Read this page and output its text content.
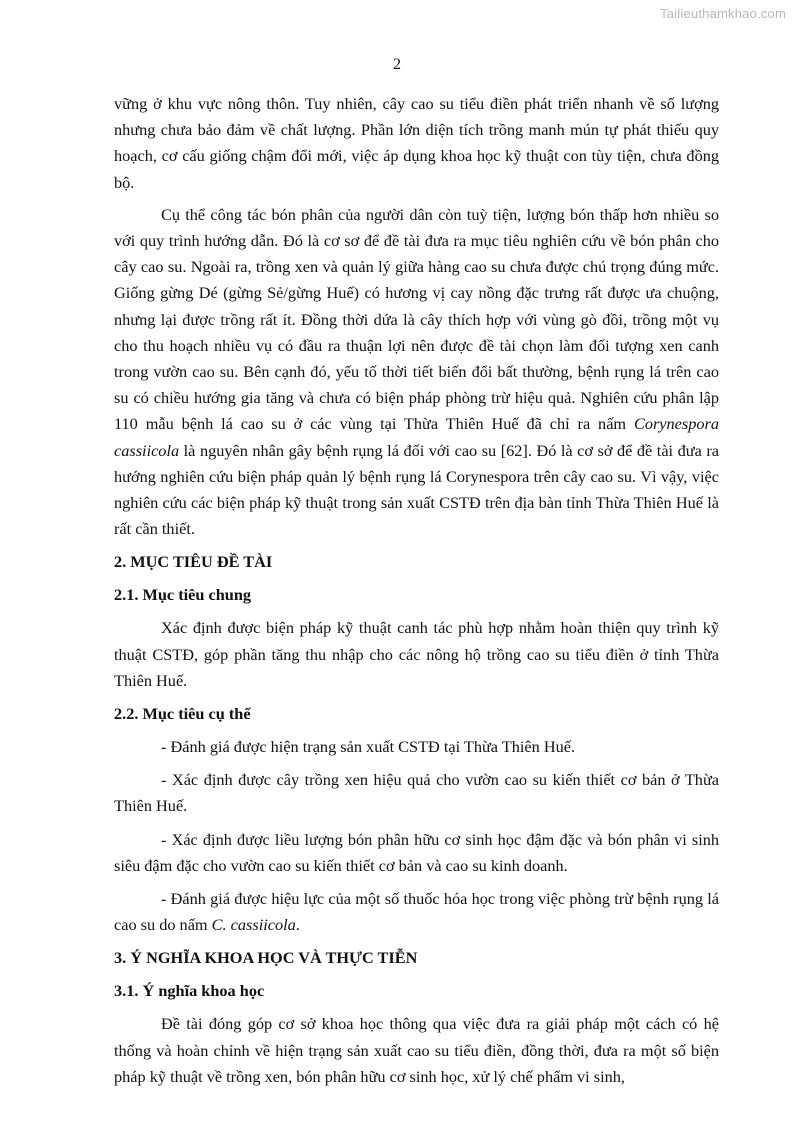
Tailieuthamkhao.com
2

vững ở khu vực nông thôn. Tuy nhiên, cây cao su tiểu điền phát triển nhanh về số lượng nhưng chưa bảo đảm về chất lượng. Phần lớn diện tích trồng manh mún tự phát thiếu quy hoạch, cơ cấu giống chậm đổi mới, việc áp dụng khoa học kỹ thuật con tùy tiện, chưa đồng bộ.

Cụ thể công tác bón phân của người dân còn tuỳ tiện, lượng bón thấp hơn nhiều so với quy trình hướng dẫn. Đó là cơ sơ để đề tài đưa ra mục tiêu nghiên cứu về bón phân cho cây cao su. Ngoài ra, trồng xen và quản lý giữa hàng cao su chưa được chú trọng đúng mức. Giống gừng Dé (gừng Sẻ/gừng Huế) có hương vị cay nồng đặc trưng rất được ưa chuộng, nhưng lại được trồng rất ít. Đồng thời dứa là cây thích hợp với vùng gò đồi, trồng một vụ cho thu hoạch nhiều vụ có đầu ra thuận lợi nên được đề tài chọn làm đối tượng xen canh trong vườn cao su. Bên cạnh đó, yếu tố thời tiết biến đổi bất thường, bệnh rụng lá trên cao su có chiều hướng gia tăng và chưa có biện pháp phòng trừ hiệu quả. Nghiên cứu phân lập 110 mẫu bệnh lá cao su ở các vùng tại Thừa Thiên Huế đã chỉ ra nấm Corynespora cassiicola là nguyên nhân gây bệnh rụng lá đối với cao su [62]. Đó là cơ sở để đề tài đưa ra hướng nghiên cứu biện pháp quản lý bệnh rụng lá Corynespora trên cây cao su. Vì vậy, việc nghiên cứu các biện pháp kỹ thuật trong sản xuất CSTĐ trên địa bàn tỉnh Thừa Thiên Huế là rất cần thiết.

2. MỤC TIÊU ĐỀ TÀI
2.1. Mục tiêu chung

Xác định được biện pháp kỹ thuật canh tác phù hợp nhằm hoàn thiện quy trình kỹ thuật CSTĐ, góp phần tăng thu nhập cho các nông hộ trồng cao su tiểu điền ở tỉnh Thừa Thiên Huế.

2.2. Mục tiêu cụ thể

- Đánh giá được hiện trạng sản xuất CSTĐ tại Thừa Thiên Huế.

- Xác định được cây trồng xen hiệu quả cho vườn cao su kiến thiết cơ bản ở Thừa Thiên Huế.

- Xác định được liều lượng bón phân hữu cơ sinh học đậm đặc và bón phân vi sinh siêu đậm đặc cho vườn cao su kiến thiết cơ bản và cao su kinh doanh.

- Đánh giá được hiệu lực của một số thuốc hóa học trong việc phòng trừ bệnh rụng lá cao su do nấm C. cassiicola.

3. Ý NGHĨA KHOA HỌC VÀ THỰC TIỄN
3.1. Ý nghĩa khoa học

Đề tài đóng góp cơ sở khoa học thông qua việc đưa ra giải pháp một cách có hệ thống và hoàn chỉnh về hiện trạng sản xuất cao su tiểu điền, đồng thời, đưa ra một số biện pháp kỹ thuật về trồng xen, bón phân hữu cơ sinh học, xử lý chế phẩm vi sinh,
